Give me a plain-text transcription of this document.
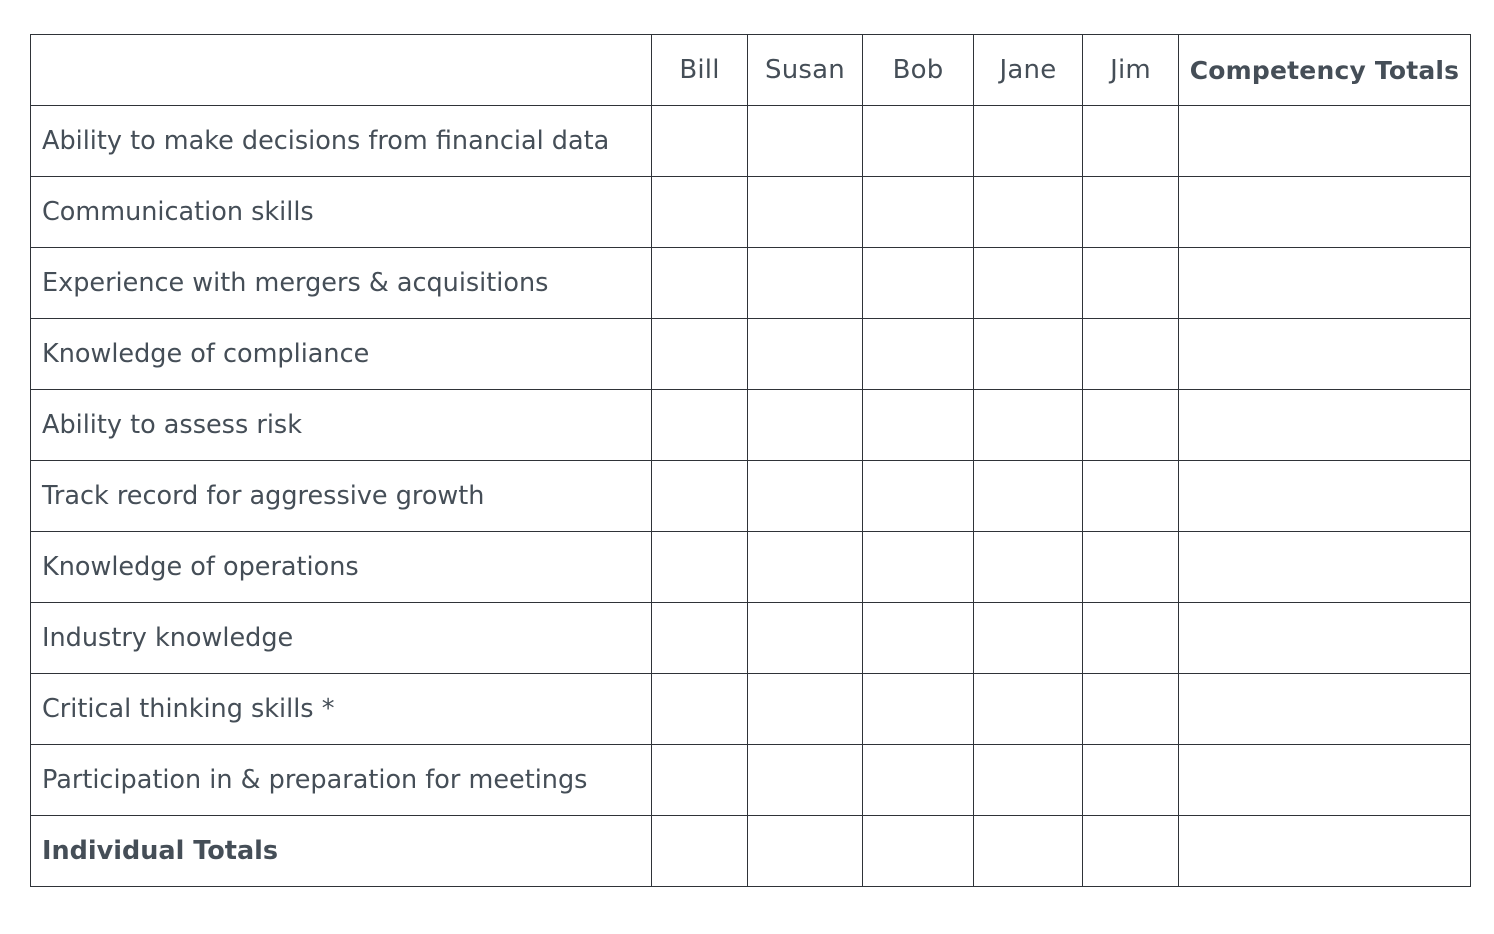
	Bill	Susan	Bob	Jane	Jim	Competency Totals
Ability to make decisions from financial data						
Communication skills						
Experience with mergers & acquisitions						
Knowledge of compliance						
Ability to assess risk						
Track record for aggressive growth						
Knowledge of operations						
Industry knowledge						
Critical thinking skills *						
Participation in & preparation for meetings						
Individual Totals						
